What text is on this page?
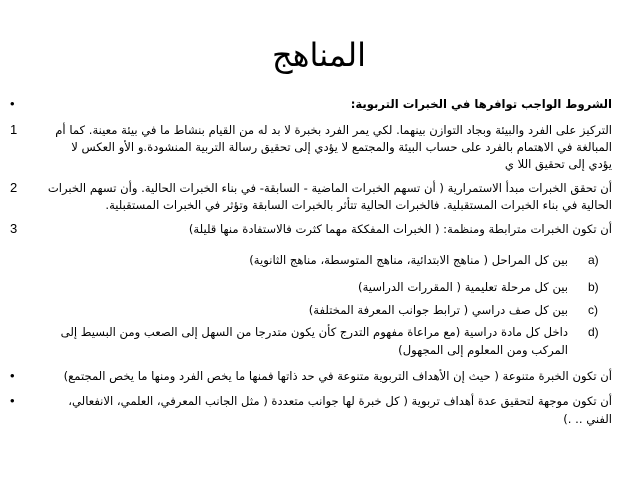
المناهج
•	الشروط الواجب توافرها في الخبرات التربوية:
1	التركيز على الفرد والبيئة وبجاد التوازن بينهما. لكي يمر الفرد بخبرة لا بد له من القيام بنشاط ما في بيئة معينة. كما أم
المبالغة في الاهتمام بالفرد على حساب البيئة والمجتمع لا يؤدي إلى تحقيق رسالة التربية المنشودة.و الأو العكس لا
يؤدي إلى تحقيق اللا ي
2	أن تحقق الخبرات مبدأ الاستمرارية ( أن تسهم الخبرات الماضية - السابقة- في بناء الخبرات الحالية. وأن تسهم الخبرات
الحالية في بناء الخبرات المستقبلية. فالخبرات الحالية تتأثر بالخبرات السابقة وتؤثر في الخبرات المستقبلية.
3	أن تكون الخبرات مترابطة ومنظمة: ( الخبرات المفككة مهما كثرت فالاستفادة منها قليلة)
a)
بين كل المراحل ( مناهج الابتدائية، مناهج المتوسطة، مناهج الثانوية)
b)
بين كل مرحلة تعليمية ( المقررات الدراسية)
c)
بين كل صف دراسي ( ترابط جوانب المعرفة المختلفة)
d)
داخل كل مادة دراسية (مع مراعاة مفهوم التدرج كأن يكون متدرجا من السهل إلى الصعب ومن البسيط إلى
المركب ومن المعلوم إلى المجهول)
•	أن تكون الخبرة متنوعة ( حيث إن الأهداف التربوية متنوعة في حد ذاتها فمنها ما يخص الفرد ومنها ما يخص المجتمع)
•	أن تكون موجهة لتحقيق عدة أهداف تربوية ( كل خبرة لها جوانب متعددة ( مثل الجانب المعرفي، العلمي، الانفعالي،
الفني .. .)
